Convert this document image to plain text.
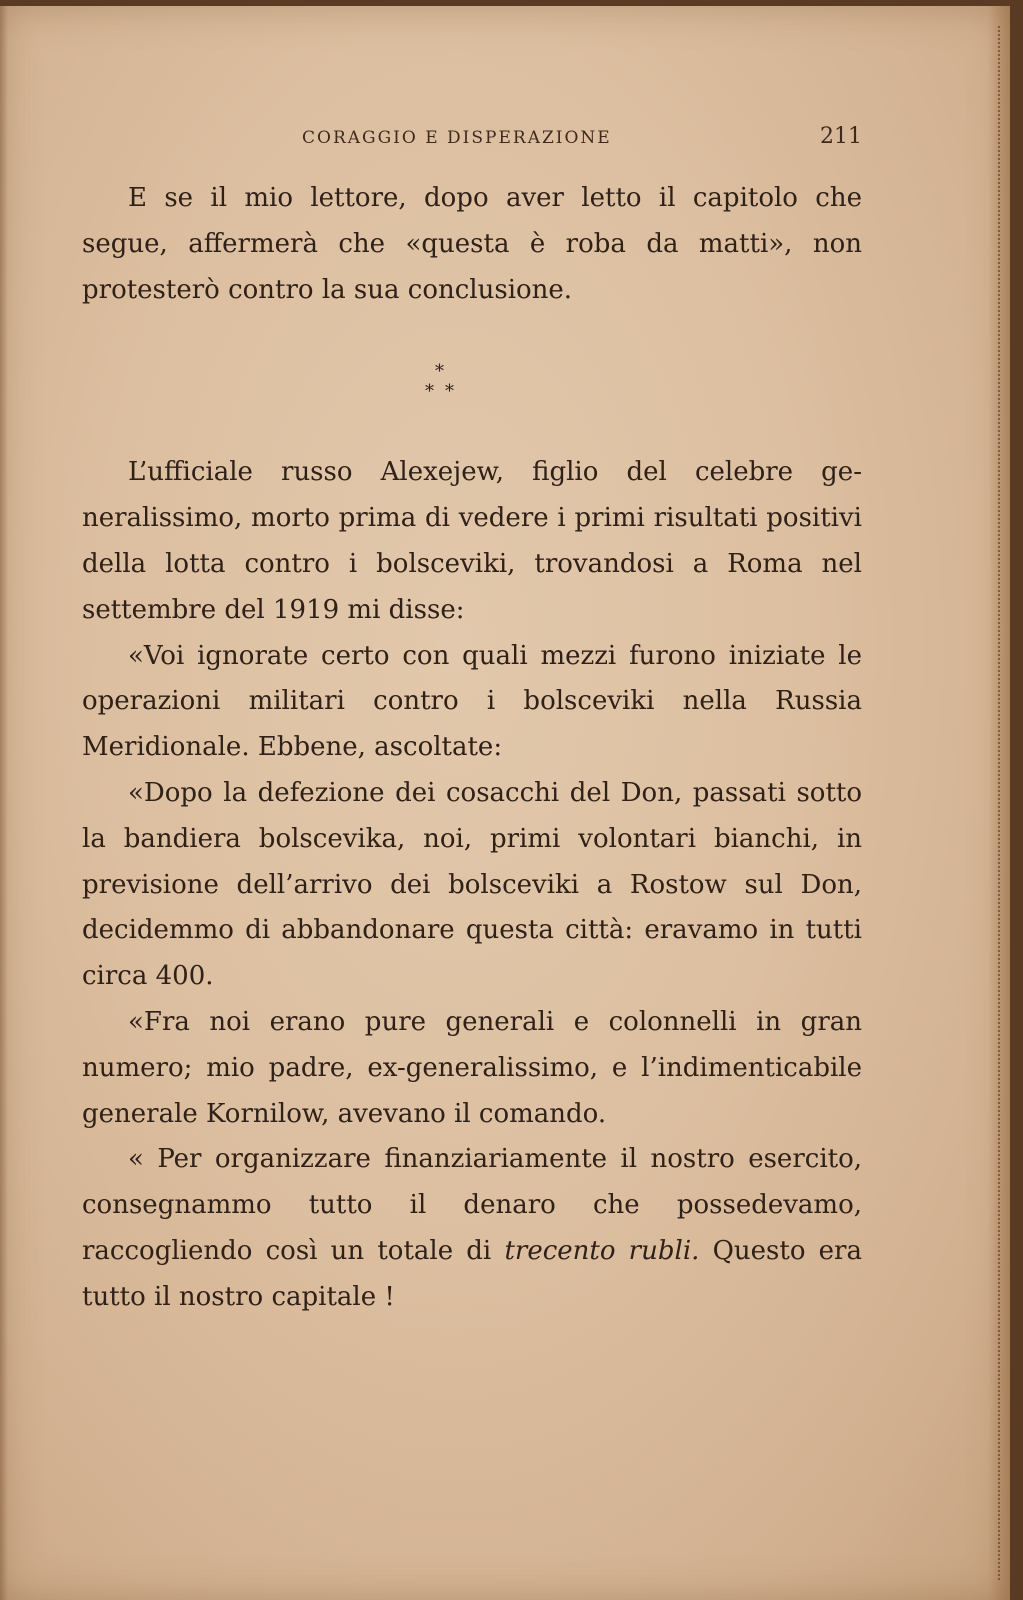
CORAGGIO E DISPERAZIONE	211

E se il mio lettore, dopo aver letto il capitolo che segue, affermerà che «questa è roba da matti», non protesterò contro la sua conclusione.

*
* *

L’ufficiale russo Alexejew, figlio del celebre generalissimo, morto prima di vedere i primi risultati positivi della lotta contro i bolsceviki, trovandosi a Roma nel settembre del 1919 mi disse:

«Voi ignorate certo con quali mezzi furono iniziate le operazioni militari contro i bolsceviki nella Russia Meridionale. Ebbene, ascoltate:

«Dopo la defezione dei cosacchi del Don, passati sotto la bandiera bolscevika, noi, primi volontari bianchi, in previsione dell’arrivo dei bolsceviki a Rostow sul Don, decidemmo di abbandonare questa città: eravamo in tutti circa 400.

«Fra noi erano pure generali e colonnelli in gran numero; mio padre, ex-generalissimo, e l’indimenticabile generale Kornilow, avevano il comando.

« Per organizzare finanziariamente il nostro esercito, consegnammo tutto il denaro che possedevamo, raccogliendo così un totale di trecento rubli. Questo era tutto il nostro capitale !
